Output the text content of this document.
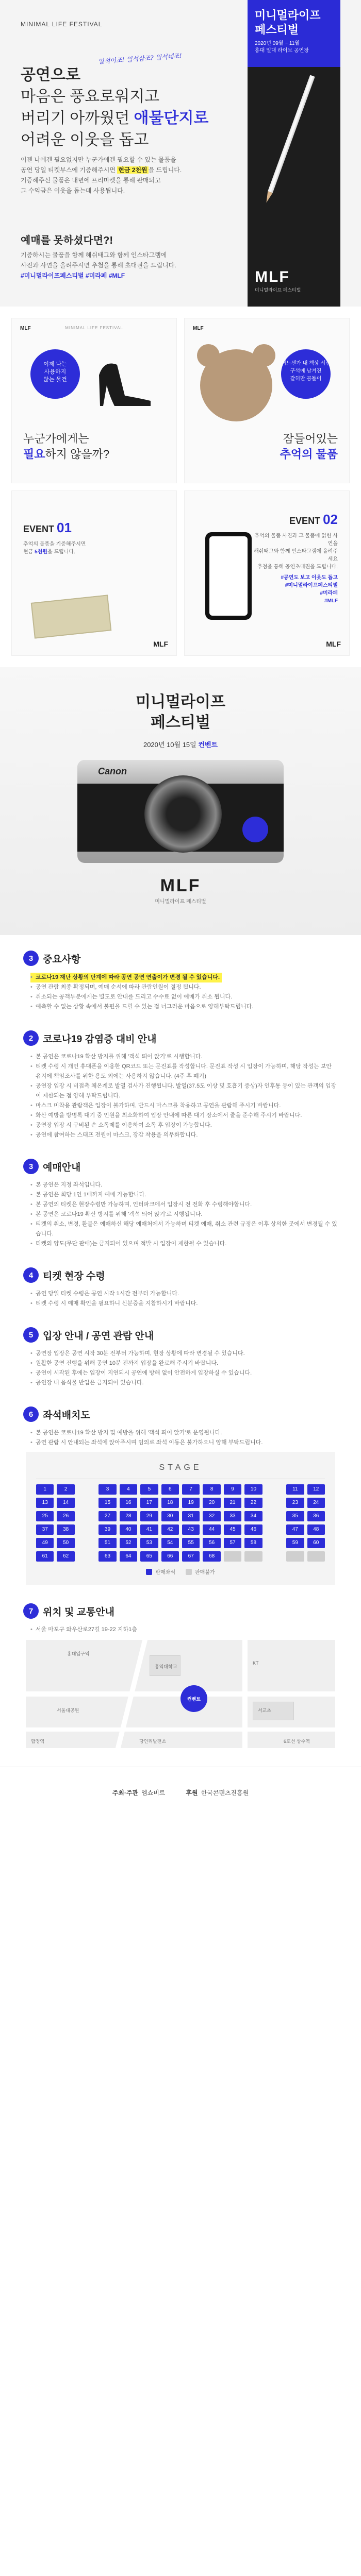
MINIMAL LIFE FESTIVAL
일석이조! 일석삼조? 일석네조!
공연으로
마음은 풍요로워지고
버리기 아까웠던 애물단지로
어려운 이웃을 돕고
이젠 나에겐 필요없지만 누군가에겐 필요할 수 있는 물품을
공연 당일 티켓부스에 기증해주시면 현금 2천원 을 드립니다.
기증해주신 물품은 내년에 프리마켓을 통해 판매되고
그 수익금은 이웃을 돕는데 사용됩니다.
예매를 못하셨다면?!
기증하시는 물품을 함께 해쉬태그와 함께 인스타그램에
사진과 사연을 올려주시면 추첨을 통해 초대권을 드립니다.
#미니멀라이프페스티벌 #미라페 #MLF
미니멀라이프
페스티벌
2020년 09월 ~ 11월
홍대 일대 라이브 공연장
MLF
미니멀라이프 페스티벌
MLF	MINIMAL LIFE FESTIVAL
이제 나는
사용하지
않는 물건
누군가에게는
필요하지 않을까?
MLF
어느샌가 내 책상 서랍
구석에 남겨진
같혀만 곰돌이
잠들어있는
추억의 물품
EVENT 01
추억의 물품을 기증해주시면
현금 5천원을 드립니다.
MLF
EVENT 02
추억의 물품 사진과 그 물품에 얽힌 사연을
해쉬태그와 함께 인스타그램에 올려주세요
추첨을 통해 공연초대권을 드립니다.
#공연도 보고 이웃도 돕고
#미니멀라이프페스티벌
#미라페
#MLF
MLF
미니멀라이프
페스티벌
2020년 10월 15일 컨벤트
Canon
MLF
미니멀라이프 페스티벌
3 중요사항
• 코로나19 재난 상황의 단계에 따라 공연 공연 연출이가 변경 될 수 있습니다.
• 공연 관람 최종 확정되며, 예매 순서에 따라 관람인원이 결정 됩니다.
• 취소되는 공객부분에게는 별도로 안내를 드리고 수수료 없이 예매가 취소 됩니다.
• 예측할 수 없는 상황 속에서 불편을 드릴 수 있는 점 너그러운 마음으로 양해부탁드립니다.
2 코로나19 감염증 대비 안내
• 본 공연은 코로나19 확산 방지를 위해 '객석 띄어 앉기'로 시행합니다.
• 티켓 수령 시 개인 휴대폰을 이용한 QR코드 또는 문진표를 작성합니다. 문진표 작성 시 입장이 가능하며, 해당 작성는 보안 유지에 책임조사를 위한 용도 외에는 사용하지 않습니다. (4주 후 폐기)
• 공연장 입장 시 비접촉 체온계로 발열 검사가 진행됩니다. 발열(37.5도 이상 및 호흡기 증상)자 인후통 등이 있는 관객의 입장이 제한되는 점 양해 부탁드립니다.
• 마스크 미착용 관람객은 입장이 불가하며, 반드시 마스크를 착용하고 공연을 관람해 주시기 바랍니다.
• 화산 예방을 방명록 대기 중 인원을 최소화하여 입장 안내에 따른 대기 장소에서 줄을 준수해 주시기 바랍니다.
• 공연장 입장 시 구비된 손 소독제를 이용하여 소독 후 입장이 가능합니다.
• 공연에 참여하는 스태프 전원이 마스크, 장갑 착용을 의무화합니다.
3 예매안내
• 본 공연은 지정 좌석입니다.
• 본 공연은 회당 1인 1매까지 예매 가능합니다.
• 본 공연의 티켓은 현장수령만 가능하며, 인터파크에서 입장시 전 전화 후 수령해야합니다.
• 본 공연은 코로나19 확산 방지를 위해 '객석 띄어 앉기'로 시행됩니다.
• 티켓의 취소, 변경, 환불은 예매하신 해당 예매처에서 가능하며 티켓 예매, 취소 관련 규정은 이후 상의한 곳에서 변경될 수 있습니다.
• 티켓의 양도(무단 판매)는 금지되어 있으며 적발 시 입장이 제한될 수 있습니다.
4 티켓 현장 수령
• 공연 당일 티켓 수령은 공연 시작 1시간 전부터 가능합니다.
• 티켓 수령 시 예매 확인을 필요하니 신분증을 지참하시기 바랍니다.
5 입장 안내 / 공연 관람 안내
• 공연장 입장은 공연 시작 30분 전부터 가능하며, 현장 상황에 따라 변경될 수 있습니다.
• 원활한 공연 진행을 위해 공연 10분 전까지 입장을 완료해 주시기 바랍니다.
• 공연이 시작된 후에는 입장이 지연되시 공연에 방해 없이 안전하게 입장하실 수 있습니다.
• 공연장 내 음식물 반입은 금지되어 있습니다.
6 좌석배치도
• 본 공연은 코로나19 확산 방지 및 예방을 위해 '객석 띄어 앉기'로 운영됩니다.
• 공연 관람 시 안내되는 좌석에 앉아주시며 임의로 좌석 이동은 불가하오니 양해 부탁드립니다.
STAGE
1	2	3	4	5	6	7	8	9	10	11	12
13	14	15	16	17	18	19	20	21	22	23	24
25	26	27	28	29	30	31	32	33	34	35	36
37	38	39	40	41	42	43	44	45	46	47	48
49	50	51	52	53	54	55	56	57	58	59	60
61	62	63	64	65	66	67	68
판매좌석	판매불가
7 위치 및 교통안내
• 서울 마포구 와우산로27길 19-22 지하1층
홍대입구역
당인리발전소	6호선 상수역
합정역
KT
홍익대학교
서교초
서울대공원
컨벤트
주최·주관 엠쇼비트	후원 한국콘텐츠진흥원
